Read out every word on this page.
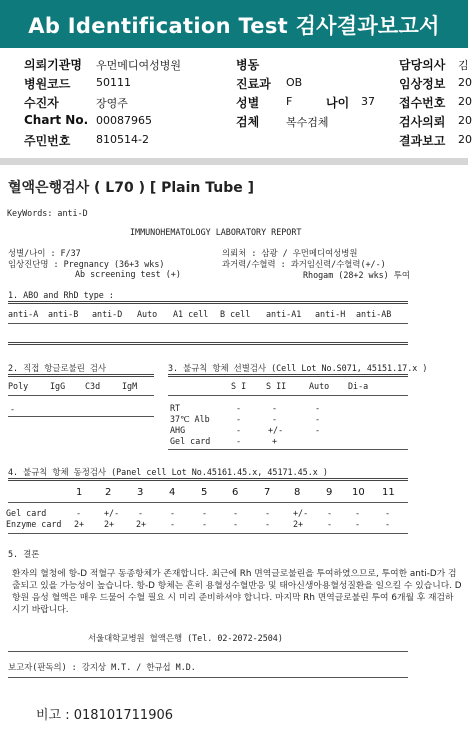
Ab Identification Test 검사결과보고서
의뢰기관명 우먼메디여성병원	병동	담당의사 김
병원코드 50111	진료과 OB	임상정보 20
수진자	장영주	성별 F	나이 37 접수번호 20
Chart No. 00087965	검체 복수검체	검사의뢰 20
주민번호 810514-2	결과보고 20
혈액은행검사 ( L70 ) [ Plain Tube ]
KeyWords: anti-D
IMMUNOHEMATOLOGY LABORATORY REPORT
성별/나이 : F/37
임상진단명 : Pregnancy (36+3 wks)
Ab screening test (+)
의뢰처 : 삼광 / 우먼메디여성병원
과거력/수혈력 : 과거임신력/수혈력(+/-)
Rhogam (28+2 wks) 투여
1. ABO and RhD type :
anti-A anti-B anti-D Auto A1 cell B cell anti-A1 anti-H anti-AB
2. 직접 항글로불린 검사
Poly	IgG C3d	IgM
-
3. 불규칙 항체 선별검사 (Cell Lot No.S071, 45151.17.x )
S I S II	Auto Di-a
RT	-	-	-
37℃ Alb	-	-	-
AHG	-	+/-	-
Gel card	-	+
4. 불규칙 항체 동정검사 (Panel cell Lot No.45161.45.x, 45171.45.x )
1 2	3	4	5 6	7 8	9 10 11
Gel card	-	+/- -	-	-	-	-	+/- -	-	-
Enzyme card 2+ 2+	2+	-	-	-	-	2+	-	-	-
5. 결론
환자의 혈청에 항-D 적혈구 동종항체가 존재합니다. 최근에 Rh 면역글로불린을 투여하였으므로, 투여한 anti-D가 검출되고 있을 가능성이 높습니다. 항-D 항체는 흔히 용혈성수혈반응 및 태아신생아용혈성질환을 일으킬 수 있습니다. D 항원 음성 혈액은 매우 드물어 수혈 필요 시 미리 준비하셔야 합니다. 마지막 Rh 면역글로불린 투여 6개월 후 재검하시기 바랍니다.
서울대학교병원 혈액은행 (Tel. 02-2072-2504)
보고자(판독의) : 강지상 M.T. / 한규섭 M.D.
비고 : 018101711906
